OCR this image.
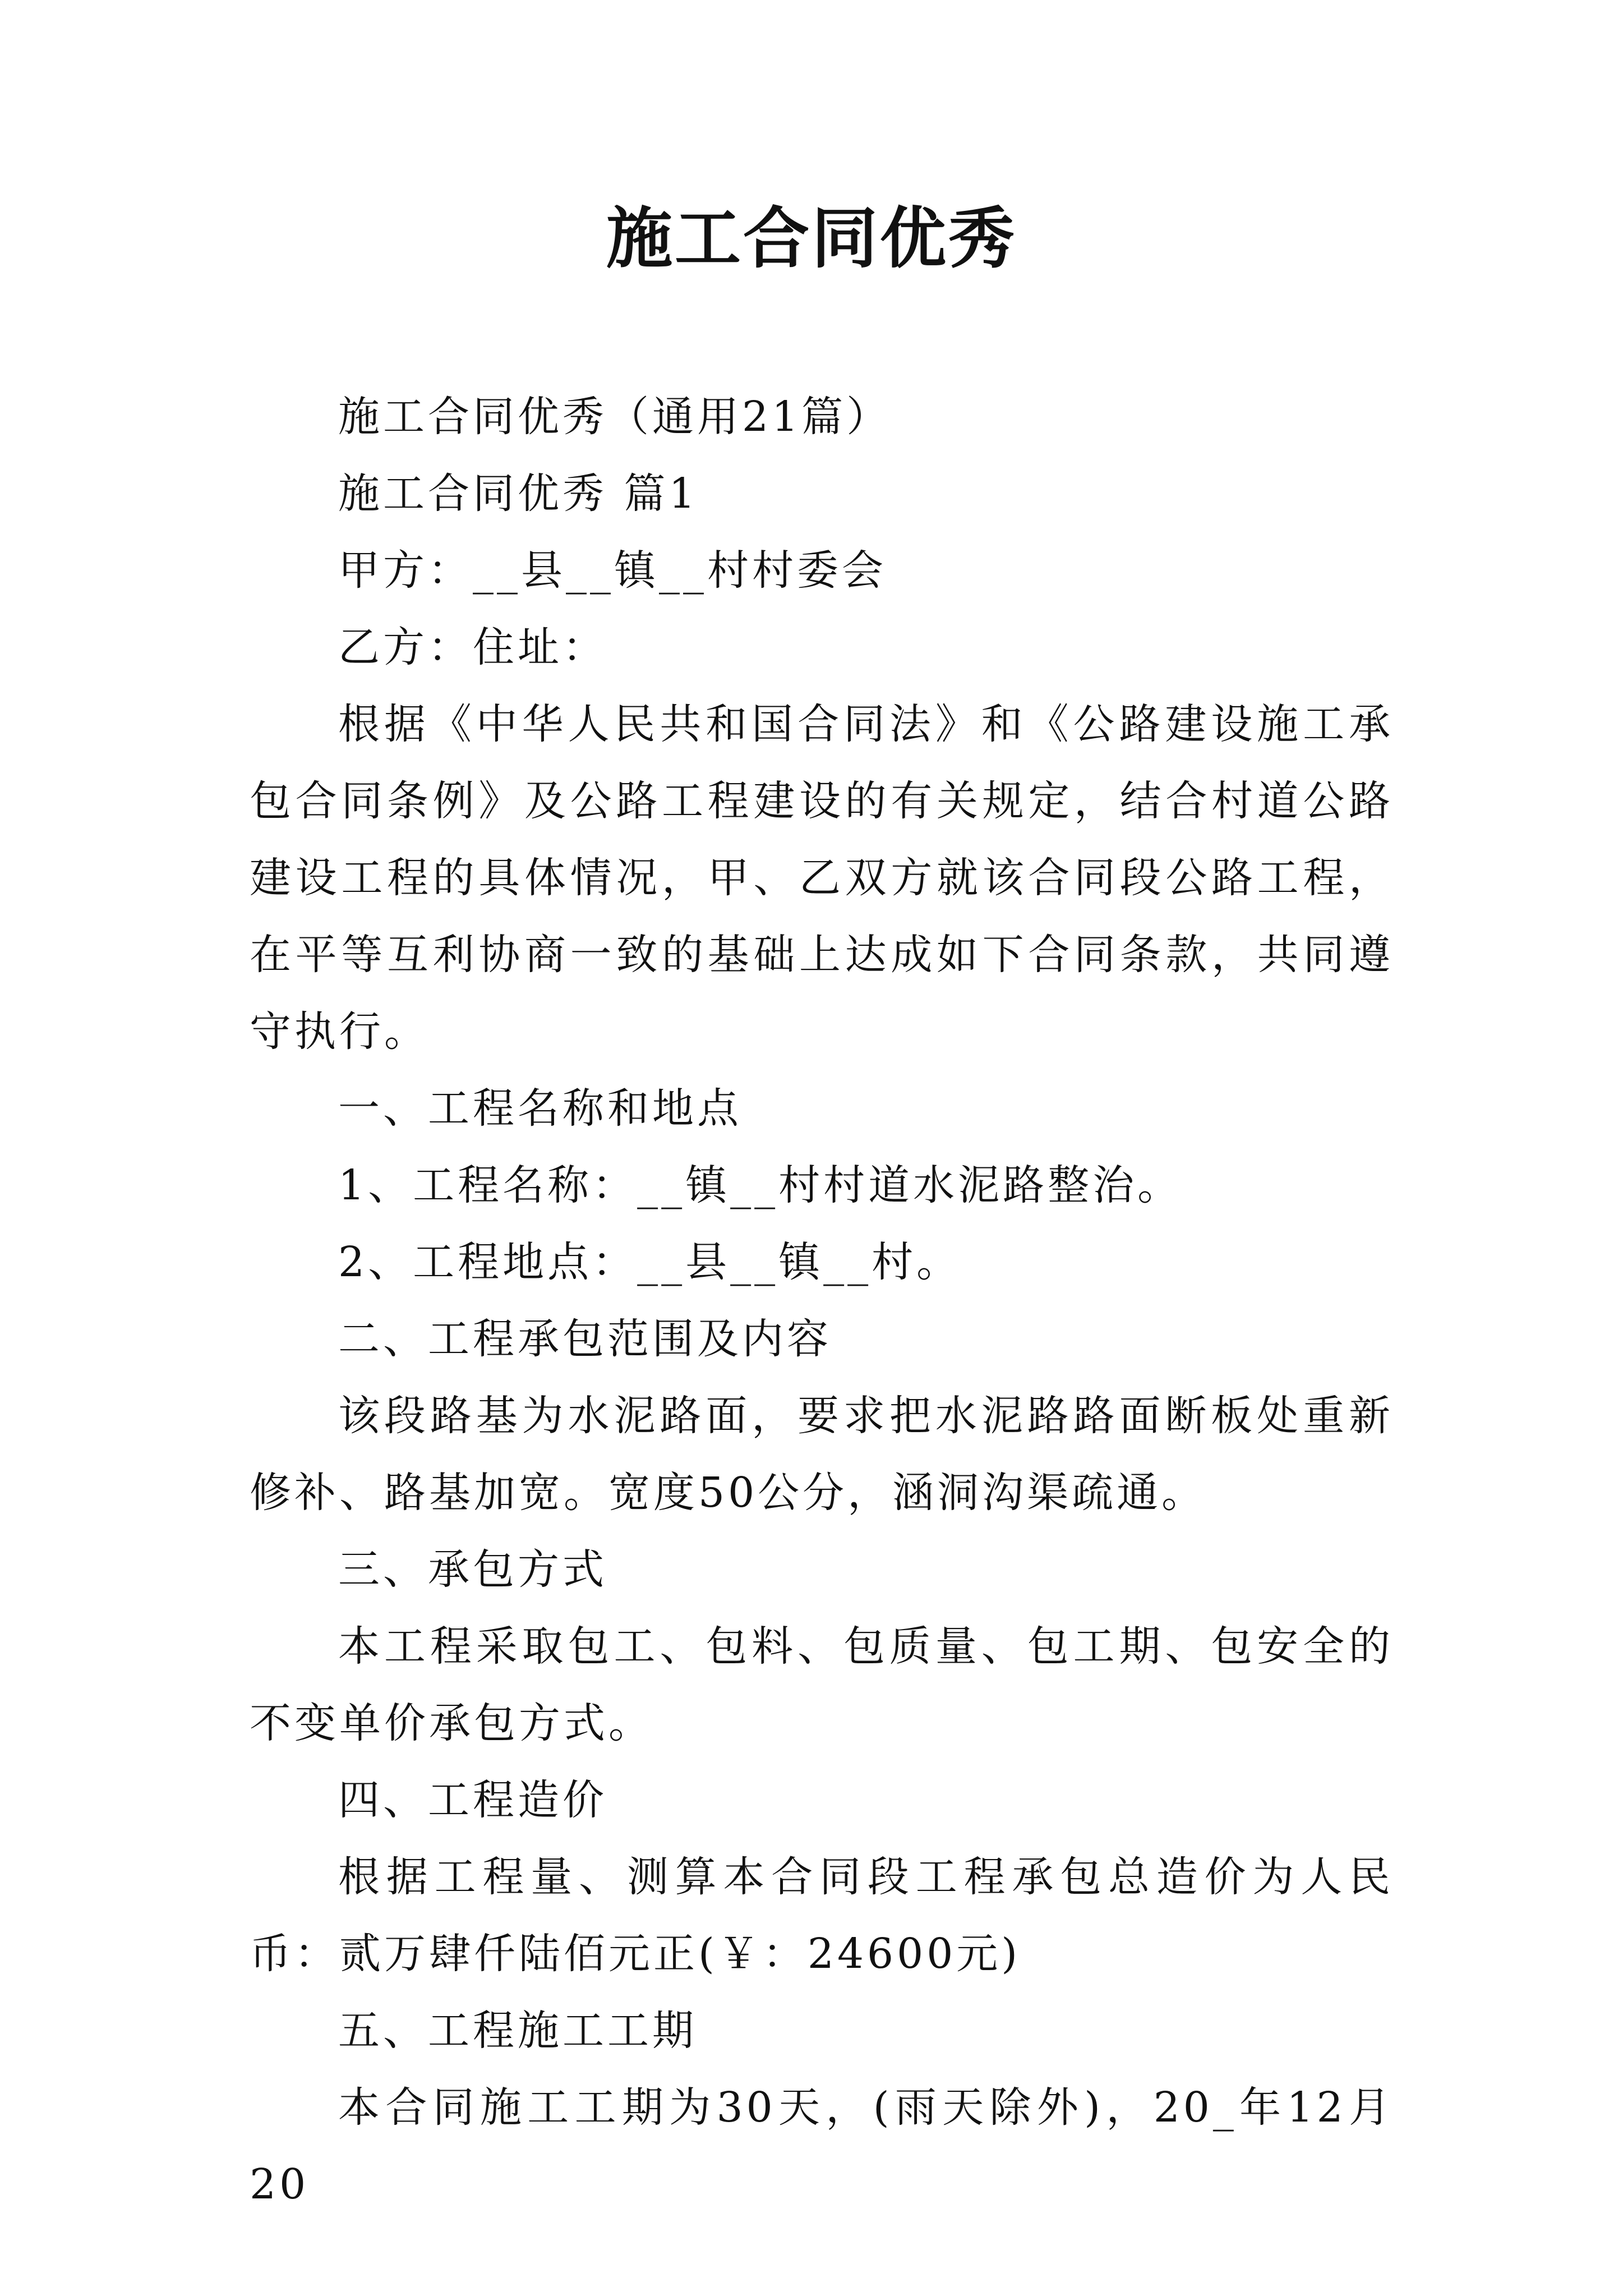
施工合同优秀

施工合同优秀（通用21篇）

施工合同优秀 篇1

甲方：__县__镇__村村委会

乙方：住址：

根据《中华人民共和国合同法》和《公路建设施工承包合同条例》及公路工程建设的有关规定，结合村道公路建设工程的具体情况，甲、乙双方就该合同段公路工程，在平等互利协商一致的基础上达成如下合同条款，共同遵守执行。

一、工程名称和地点

1、工程名称：__镇__村村道水泥路整治。

2、工程地点：__县__镇__村。

二、工程承包范围及内容

该段路基为水泥路面，要求把水泥路路面断板处重新修补、路基加宽。宽度50公分，涵洞沟渠疏通。

三、承包方式

本工程采取包工、包料、包质量、包工期、包安全的不变单价承包方式。

四、工程造价

根据工程量、测算本合同段工程承包总造价为人民币：贰万肆仟陆佰元正(￥：24600元)

五、工程施工工期

本合同施工工期为30天，(雨天除外)，20_年12月20
